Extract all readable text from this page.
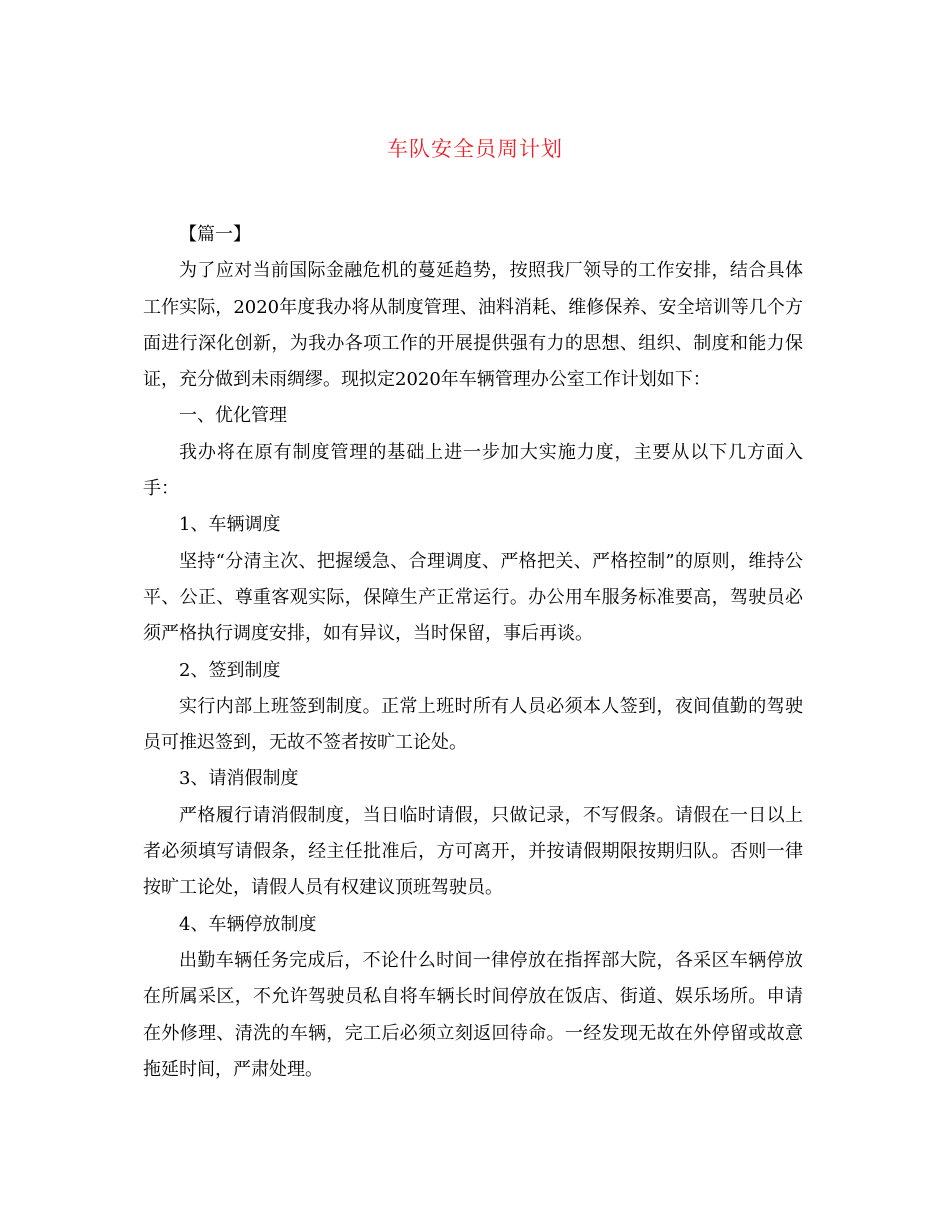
车队安全员周计划

【篇一】

为了应对当前国际金融危机的蔓延趋势，按照我厂领导的工作安排，结合具体工作实际，2020年度我办将从制度管理、油料消耗、维修保养、安全培训等几个方面进行深化创新，为我办各项工作的开展提供强有力的思想、组织、制度和能力保证，充分做到未雨绸缪。现拟定2020年车辆管理办公室工作计划如下：

一、优化管理

我办将在原有制度管理的基础上进一步加大实施力度，主要从以下几方面入手：

1、车辆调度

坚持“分清主次、把握缓急、合理调度、严格把关、严格控制”的原则，维持公平、公正、尊重客观实际，保障生产正常运行。办公用车服务标准要高，驾驶员必须严格执行调度安排，如有异议，当时保留，事后再谈。

2、签到制度

实行内部上班签到制度。正常上班时所有人员必须本人签到，夜间值勤的驾驶员可推迟签到，无故不签者按旷工论处。

3、请消假制度

严格履行请消假制度，当日临时请假，只做记录，不写假条。请假在一日以上者必须填写请假条，经主任批准后，方可离开，并按请假期限按期归队。否则一律按旷工论处，请假人员有权建议顶班驾驶员。

4、车辆停放制度

出勤车辆任务完成后，不论什么时间一律停放在指挥部大院，各采区车辆停放在所属采区，不允许驾驶员私自将车辆长时间停放在饭店、街道、娱乐场所。申请在外修理、清洗的车辆，完工后必须立刻返回待命。一经发现无故在外停留或故意拖延时间，严肃处理。
